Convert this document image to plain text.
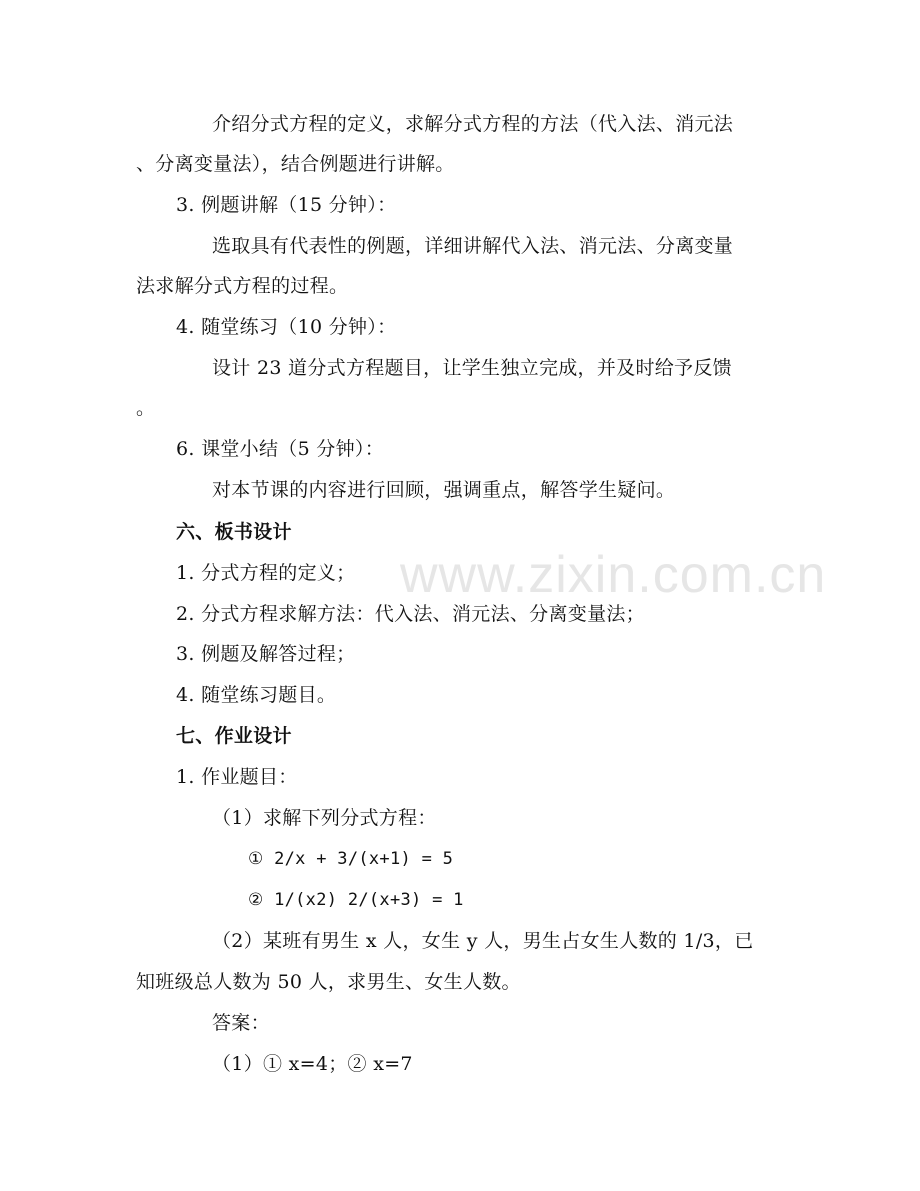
www.zixin.com.cn
介绍分式方程的定义，求解分式方程的方法（代入法、消元法
、分离变量法），结合例题进行讲解。
3. 例题讲解（15 分钟）：
选取具有代表性的例题，详细讲解代入法、消元法、分离变量
法求解分式方程的过程。
4. 随堂练习（10 分钟）：
设计 23 道分式方程题目，让学生独立完成，并及时给予反馈
。
6. 课堂小结（5 分钟）：
对本节课的内容进行回顾，强调重点，解答学生疑问。
六、板书设计
1. 分式方程的定义；
2. 分式方程求解方法：代入法、消元法、分离变量法；
3. 例题及解答过程；
4. 随堂练习题目。
七、作业设计
1. 作业题目：
（1）求解下列分式方程：
① 2/x + 3/(x+1) = 5
② 1/(x2) 2/(x+3) = 1
（2）某班有男生 x 人，女生 y 人，男生占女生人数的 1/3，已
知班级总人数为 50 人，求男生、女生人数。
答案：
（1）① x=4；② x=7
